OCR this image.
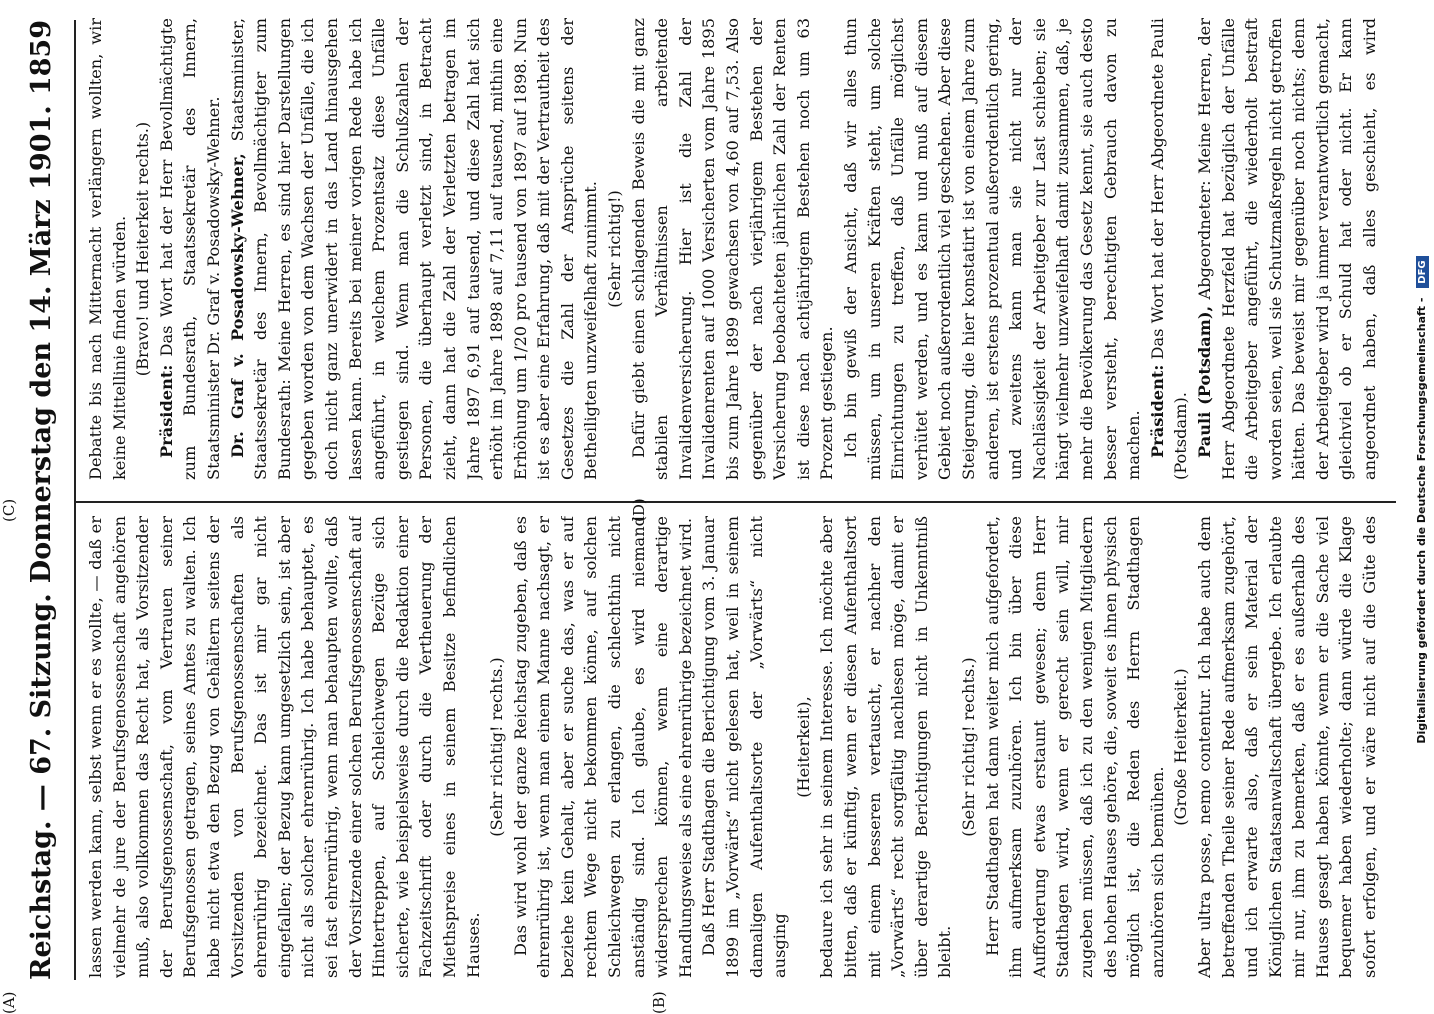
Reichstag. — 67. Sitzung.
Donnerstag den 14. März 1901.
1859

lassen werden kann, selbst wenn er es wollte, — daß er vielmehr de jure der Berufsgenossenschaft angehören muß, also vollkommen das Recht hat, als Vorsitzender der Berufsgenossenschaft, vom Vertrauen seiner Berufsgenossen getragen, seines Amtes zu walten. Ich habe nicht etwa den Bezug von Gehältern seitens der Vorsitzenden von Berufsgenossenschaften als ehrenrührig bezeichnet. Das ist mir gar nicht eingefallen; der Bezug kann umgesetzlich sein, ist aber nicht als solcher ehrenrührig. Ich habe behauptet, es sei fast ehrenrührig, wenn man behaupten wollte, daß der Vorsitzende einer solchen Berufsgenossenschaft auf Hintertreppen, auf Schleichwegen Bezüge sich sicherte, wie beispielsweise durch die Redaktion einer Fachzeitschrift oder durch die Vertheuerung der Miethspreise eines in seinem Besitze befindlichen Hauses.

(Sehr richtig! rechts.) Das wird wohl der ganze Reichstag zugeben, daß es ehrenrührig ist, wenn man einem Manne nachsagt, er beziehe kein Gehalt, aber er suche das, was er auf rechtem Wege nicht bekommen könne, auf solchen Schleichwegen zu erlangen, die schlechthin nicht anständig sind. Ich glaube, es wird niemand widersprechen können, wenn eine derartige Handlungsweise als eine ehrenrührige bezeichnet wird. Daß Herr Stadthagen die Berichtigung vom 3. Januar 1899 im „Vorwärts“ nicht gelesen hat, weil in seinem damaligen Aufenthaltsorte der „Vorwärts“ nicht ausging

(Heiterkeit), bedaure ich sehr in seinem Interesse. Ich möchte aber bitten, daß er künftig, wenn er diesen Aufenthaltsort mit einem besseren vertauscht, er nachher den „Vorwärts“ recht sorgfältig nachlesen möge, damit er über derartige Berichtigungen nicht in Unkenntniß bleibt.

(Sehr richtig! rechts.) Herr Stadthagen hat dann weiter mich aufgefordert, ihm aufmerksam zuzuhören. Ich bin über diese Aufforderung etwas erstaunt gewesen; denn Herr Stadthagen wird, wenn er gerecht sein will, mir zugeben müssen, daß ich zu den wenigen Mitgliedern des hohen Hauses gehöre, die, soweit es ihnen physisch möglich ist, die Reden des Herrn Stadthagen anzuhören sich bemühen.

(Große Heiterkeit.)

Aber ultra posse, nemo contentur. Ich habe auch dem betreffenden Theile seiner Rede aufmerksam zugehört, und ich erwarte also, daß er sein Material der Königlichen Staatsanwaltschaft übergebe. Ich erlaubte mir nur, ihm zu bemerken, daß er es außerhalb des Hauses gesagt haben könnte, wenn er die Sache viel bequemer haben wiederholte; dann würde die Klage sofort erfolgen, und er wäre nicht auf die Güte des

Debatte bis nach Mitternacht verlängern wollten, wir keine Mittellinie finden würden. (Bravo! und Heiterkeit rechts.)

Präsident: Das Wort hat der Herr Bevollmächtigte zum Bundesrath, Staatssekretär des Innern, Staatsminister Dr. Graf v. Posadowsky-Wehner. Dr. Graf v. Posadowsky-Wehner, Staatsminister, Staatssekretär des Innern, Bevollmächtigter zum Bundesrath: Meine Herren, es sind hier Darstellungen gegeben worden von dem Wachsen der Unfälle, die ich doch nicht ganz unerwidert in das Land hinausgehen lassen kann. Bereits bei meiner vorigen Rede habe ich angeführt, in welchem Prozentsatz diese Unfälle gestiegen sind. Wenn man die Schlußzahlen der Personen, die überhaupt verletzt sind, in Betracht zieht, dann hat die Zahl der Verletzten betragen im Jahre 1897 6,91 auf tausend, und diese Zahl hat sich erhöht im Jahre 1898 auf 7,11 auf tausend, mithin eine Erhöhung um 1/20 pro tausend von 1897 auf 1898. Nun ist es aber eine Erfahrung, daß mit der Vertrautheit des Gesetzes die Zahl der Ansprüche seitens der Betheiligten unzweifelhaft zunimmt. (Sehr richtig!) Dafür giebt einen schlagenden Beweis die mit ganz stabilen Verhältnissen arbeitende Invalidenversicherung. Hier ist die Zahl der Invalidenrenten auf 1000 Versicherten vom Jahre 1895 bis zum Jahre 1899 gewachsen von 4,60 auf 7,53. Also gegenüber der nach vierjährigem Bestehen der Versicherung beobachteten jährlichen Zahl der Renten ist diese nach achtjährigem Bestehen noch um 63 Prozent gestiegen. Ich bin gewiß der Ansicht, daß wir alles thun müssen, um in unseren Kräften steht, um solche Einrichtungen zu treffen, daß Unfälle möglichst verhütet werden, und es kann und muß auf diesem Gebiet noch außerordentlich viel geschehen. Aber diese Steigerung, die hier konstatirt ist von einem Jahre zum anderen, ist erstens prozentual außerordentlich gering, und zweitens kann man sie nicht nur der Nachlässigkeit der Arbeitgeber zur Last schieben; sie hängt vielmehr unzweifelhaft damit zusammen, daß, je mehr die Bevölkerung das Gesetz kennt, sie auch desto besser versteht, berechtigten Gebrauch davon zu machen. Präsident: Das Wort hat der Herr Abgeordnete Pauli (Potsdam). Pauli (Potsdam), Abgeordneter: Meine Herren, der Herr Abgeordnete Herzfeld hat bezüglich der Unfälle die Arbeitgeber angeführt, die wiederholt bestraft worden seien, weil sie Schutzmaßregeln nicht getroffen hätten. Das beweist mir gegenüber noch nichts; denn der Arbeitgeber wird ja immer verantwortlich gemacht, gleichviel ob er Schuld hat oder nicht. Er kann angeordnet haben, daß alles geschieht, es wird

(A)	(B)
(C)	(D)	Digitalisierung gefördert durch die Deutsche Forschungsgemeinschaft - DFG
